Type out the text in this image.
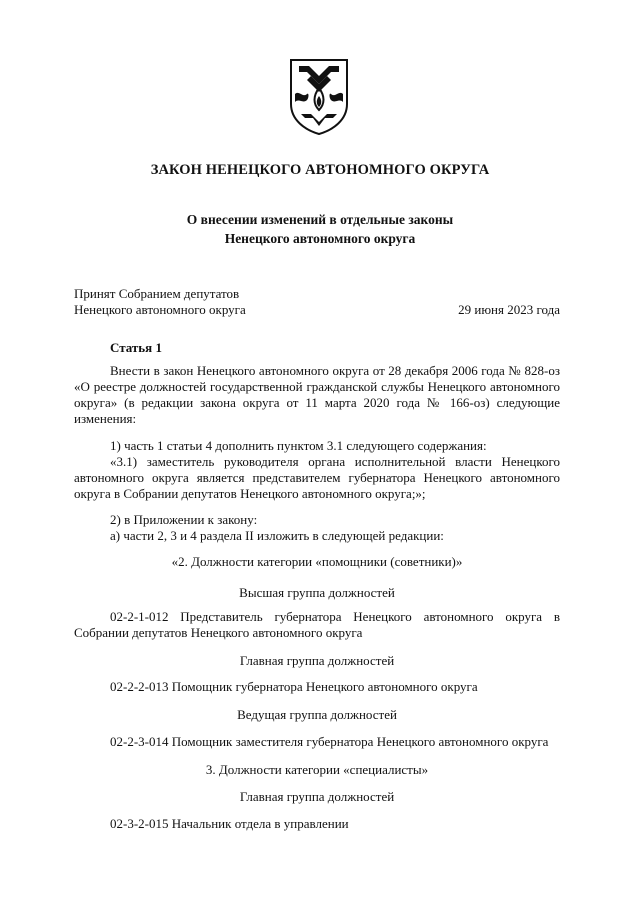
ЗАКОН НЕНЕЦКОГО АВТОНОМНОГО ОКРУГА
О внесении изменений в отдельные законы
Ненецкого автономного округа
Принят Собранием депутатов
Ненецкого автономного округа	29 июня 2023 года
Статья 1
Внести в закон Ненецкого автономного округа от 28 декабря 2006 года № 828-оз
«О реестре должностей государственной гражданской службы Ненецкого автономного
округа» (в редакции закона округа от 11 марта 2020 года № 166-оз) следующие
изменения:
1) часть 1 статьи 4 дополнить пунктом 3.1 следующего содержания:
«3.1) заместитель руководителя органа исполнительной власти Ненецкого
автономного округа является представителем губернатора Ненецкого автономного
округа в Собрании депутатов Ненецкого автономного округа;»;
2) в Приложении к закону:
а) части 2, 3 и 4 раздела II изложить в следующей редакции:
«2. Должности категории «помощники (советники)»
Высшая группа должностей
02-2-1-012 Представитель губернатора Ненецкого автономного округа в
Собрании депутатов Ненецкого автономного округа
Главная группа должностей
02-2-2-013 Помощник губернатора Ненецкого автономного округа
Ведущая группа должностей
02-2-3-014 Помощник заместителя губернатора Ненецкого автономного округа
3. Должности категории «специалисты»
Главная группа должностей
02-3-2-015 Начальник отдела в управлении
